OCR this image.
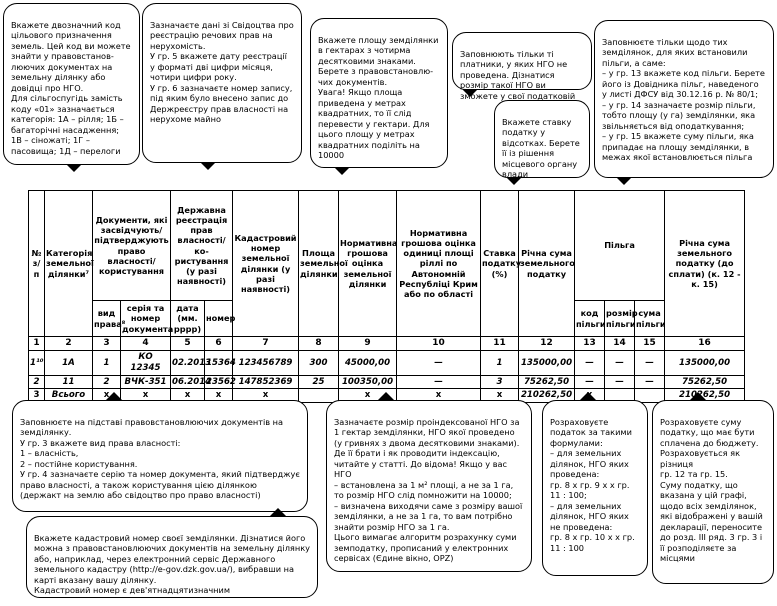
Вкажете двозначний код цільового призначення земель. Цей код ви можете знайти у правовстанов-люючих документах на земельну ділянку або довідці про НГО.
Для сільгоспугідь замість коду «01» зазначається категорія: 1А – рілля; 1Б – багаторічні насадження; 1В – сіножаті; 1Г – пасовища; 1Д – перелоги

Зазначаєте дані зі Свідоцтва про реєстрацію речових прав на нерухомість.
У гр. 5 вкажете дату реєстрації у форматі дві цифри місяця, чотири цифри року.
У гр. 6 зазначаєте номер запису, під яким було внесено запис до Держреєстру прав власності на нерухоме майно

Вкажете площу земділянки в гектарах з чотирма десятковими знаками. Берете з правовстановлю-чих документів.
Увага! Якщо площа приведена у метрах квадратних, то її слід перевести у гектари. Для цього площу у метрах квадратних поділіть на 10000

Заповнюють тільки ті платники, у яких НГО не проведена. Дізнатися розмір такої НГО ви зможете у свої податковій

Вкажете ставку податку у відсотках. Берете її із рішення місцевого органу влади

Заповнюєте тільки щодо тих земділянок, для яких встановили пільги, а саме:
– у гр. 13 вкажете код пільги. Берете його із Довідника пільг, наведеного у листі ДФСУ від 30.12.16 р. № 80/1;
– у гр. 14 зазначаєте розмір пільги, тобто площу (у га) земділянки, яка звільняється від оподаткування;
– у гр. 15 вкажете суму пільги, яка припадає на площу земділянки, в межах якої встановлюється пільга

№ з/п	Категорія земельної ділянки⁷	Документи, які засвідчують/ підтверджують право власності/ користування		Державна реєстрація прав власності/ко-ристування (у разі наявності)		Кадастровий номер земельної ділянки (у разі наявності)	Площа земельної ділянки	Нормативна грошова оцінка земельної ділянки	Нормативна грошова оцінка одиниці площі ріллі по Автономній Республіці Крим або по області	Ставка податку (%)	Річна сума земельного податку	Пільга			Річна сума земельного податку (до сплати) (к. 12 - к. 15)
		вид права⁸	серія та номер документа	дата (мм. рррр)	номер							код пільги	розмір пільги	сума пільги	
1	2	3	4	5	6	7	8	9	10	11	12	13	14	15	16
1¹⁰	1А	1	КО 12345	02.2013	15364	123456789	300	45000,00	—	1	135000,00	—	—	—	135000,00
2	11	2	ВЧК-351	06.2014	23562	147852369	25	100350,00	—	3	75262,50	—	—	—	75262,50
3	Всього	х	х	х	х	х		х	х	х	210262,50	х			210262,50

Заповнюєте на підставі правовстановлюючих документів на земділянку.
У гр. 3 вкажете вид права власності:
1 – власність,
2 – постійне користування.
У гр. 4 зазначаєте серію та номер документа, який підтверджує право власності, а також користування цією ділянкою (держакт на землю або свідоцтво про право власності)

Вкажете кадастровий номер своєї земділянки. Дізнатися його можна з правовстановлюючих документів на земельну ділянку або, наприклад, через електронний сервіс Державного земельного кадастру (http://e-gov.dzk.gov.ua/), вибравши на карті вказану вашу ділянку.
Кадастровий номер є дев'ятнадцятизначним

Зазначаєте розмір проіндексованої НГО за 1 гектар земділянки, НГО якої проведено (у гривнях з двома десятковими знаками). Де її брати і як проводити індексацію, читайте у статті. До відома! Якщо у вас НГО
– встановлена за 1 м² площі, а не за 1 га, то розмір НГО слід помножити на 10000;
– визначена виходячи саме з розміру вашої земділянки, а не за 1 га, то вам потрібно знайти розмір НГО за 1 га.
Цього вимагає алгоритм розрахунку суми земподатку, прописаний у електронних сервісах (Єдине вікно, OPZ)

Розраховуєте податок за такими формулами:
– для земельних ділянок, НГО яких проведена:
гр. 8 х гр. 9 х х гр. 11 : 100;
– для земельних ділянок, НГО яких не проведена:
гр. 8 х гр. 10 х х гр. 11 : 100

Розраховуєте суму податку, що має бути сплачена до бюджету. Розраховується як різниця
гр. 12 та гр. 15.
Суму податку, що вказана у цій графі, щодо всіх земділянок, які відображені у вашій декларації, переносите до розд. III ряд. 3 гр. 3 і її розподіляєте за місцями
